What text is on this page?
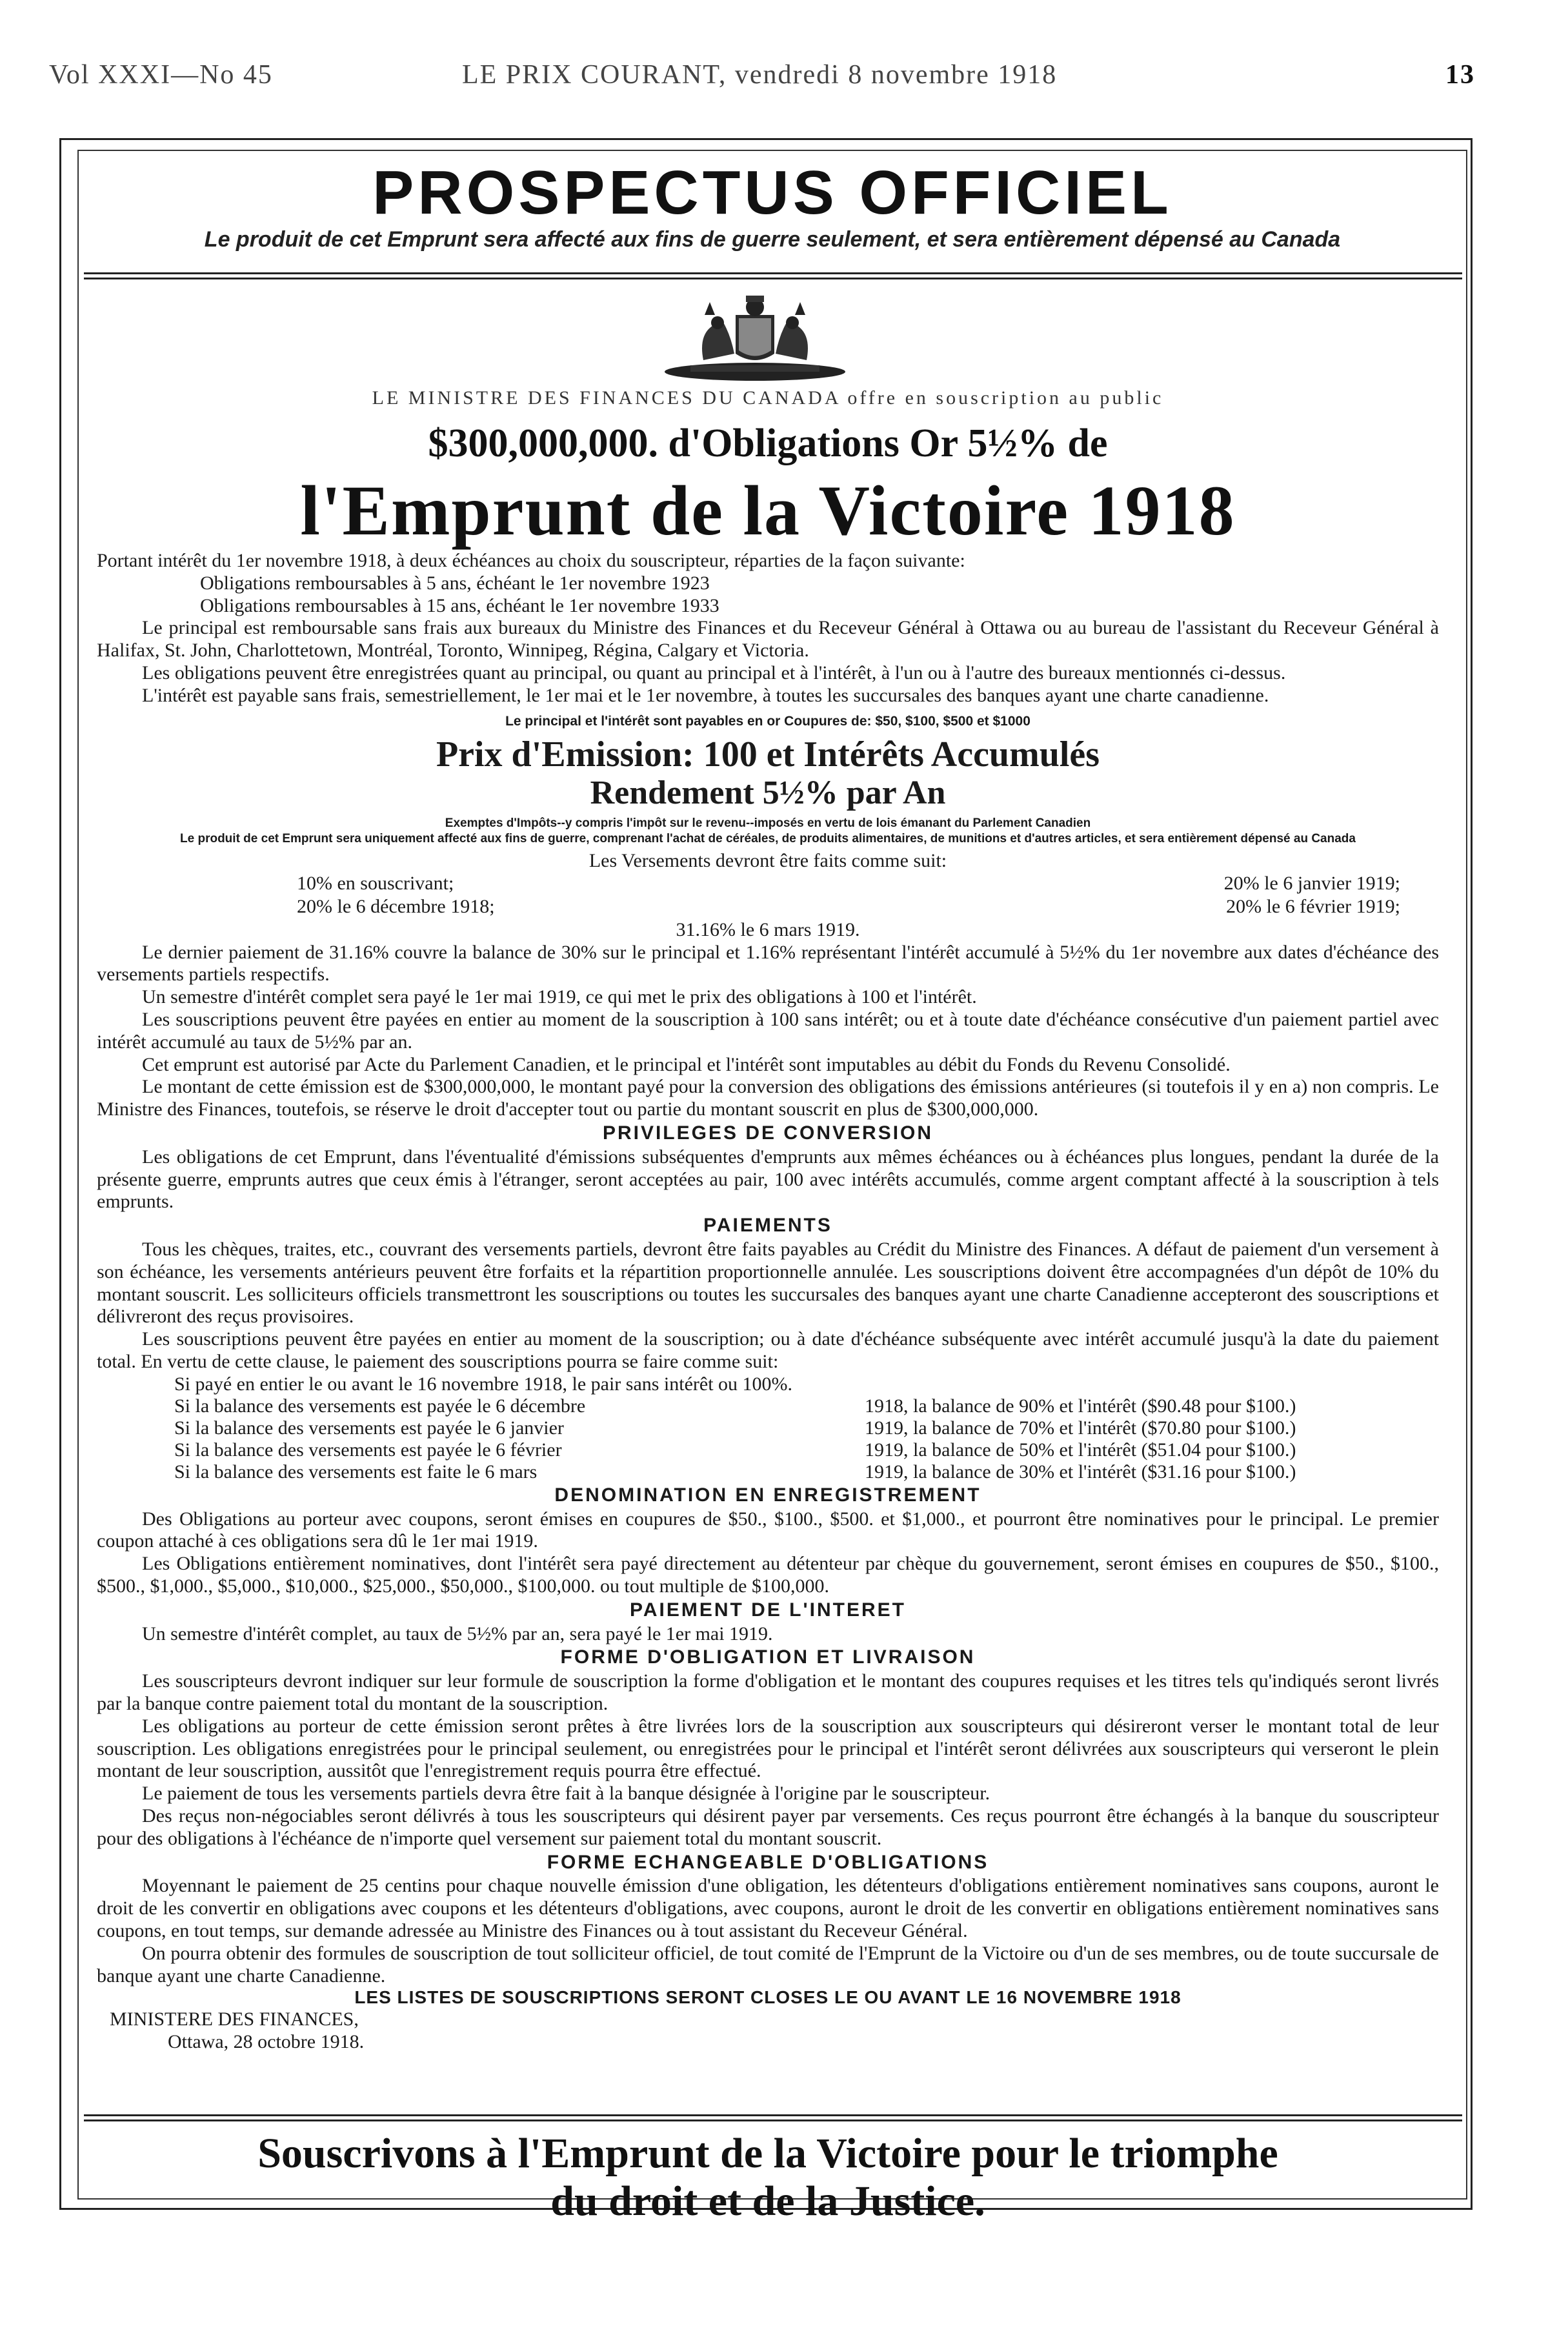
Vol XXXI—No 45	LE PRIX COURANT, vendredi 8 novembre 1918	13
PROSPECTUS OFFICIEL
Le produit de cet Emprunt sera affecté aux fins de guerre seulement, et sera entièrement dépensé au Canada
LE MINISTRE DES FINANCES DU CANADA offre en souscription au public
$300,000,000. d'Obligations Or 5½% de
l'Emprunt de la Victoire 1918

Portant intérêt du 1er novembre 1918, à deux échéances au choix du souscripteur, réparties de la façon suivante:

Obligations remboursables à 5 ans, échéant le 1er novembre 1923

Obligations remboursables à 15 ans, échéant le 1er novembre 1933

Le principal est remboursable sans frais aux bureaux du Ministre des Finances et du Receveur Général à Ottawa ou au bureau de l'assistant du Receveur Général à Halifax, St. John, Charlottetown, Montréal, Toronto, Winnipeg, Régina, Calgary et Victoria.

Les obligations peuvent être enregistrées quant au principal, ou quant au principal et à l'intérêt, à l'un ou à l'autre des bureaux mentionnés ci-dessus.

L'intérêt est payable sans frais, semestriellement, le 1er mai et le 1er novembre, à toutes les succursales des banques ayant une charte canadienne.

Le principal et l'intérêt sont payables en or Coupures de: $50, $100, $500 et $1000

Prix d'Emission: 100 et Intérêts Accumulés

Rendement 5½% par An

Exemptes d'Impôts--y compris l'impôt sur le revenu--imposés en vertu de lois émanant du Parlement Canadien

Le produit de cet Emprunt sera uniquement affecté aux fins de guerre, comprenant l'achat de céréales, de produits alimentaires, de munitions et d'autres articles, et sera entièrement dépensé au Canada

Les Versements devront être faits comme suit:

10% en souscrivant;	20% le 6 janvier 1919;
20% le 6 décembre 1918;	20% le 6 février 1919;

31.16% le 6 mars 1919.

Le dernier paiement de 31.16% couvre la balance de 30% sur le principal et 1.16% représentant l'intérêt accumulé à 5½% du 1er novembre aux dates d'échéance des versements partiels respectifs.

Un semestre d'intérêt complet sera payé le 1er mai 1919, ce qui met le prix des obligations à 100 et l'intérêt.

Les souscriptions peuvent être payées en entier au moment de la souscription à 100 sans intérêt; ou et à toute date d'échéance consécutive d'un paiement partiel avec intérêt accumulé au taux de 5½% par an.

Cet emprunt est autorisé par Acte du Parlement Canadien, et le principal et l'intérêt sont imputables au débit du Fonds du Revenu Consolidé.

Le montant de cette émission est de $300,000,000, le montant payé pour la conversion des obligations des émissions antérieures (si toutefois il y en a) non compris. Le Ministre des Finances, toutefois, se réserve le droit d'accepter tout ou partie du montant souscrit en plus de $300,000,000.

PRIVILEGES DE CONVERSION

Les obligations de cet Emprunt, dans l'éventualité d'émissions subséquentes d'emprunts aux mêmes échéances ou à échéances plus longues, pendant la durée de la présente guerre, emprunts autres que ceux émis à l'étranger, seront acceptées au pair, 100 avec intérêts accumulés, comme argent comptant affecté à la souscription à tels emprunts.

PAIEMENTS

Tous les chèques, traites, etc., couvrant des versements partiels, devront être faits payables au Crédit du Ministre des Finances. A défaut de paiement d'un versement à son échéance, les versements antérieurs peuvent être forfaits et la répartition proportionnelle annulée. Les souscriptions doivent être accompagnées d'un dépôt de 10% du montant souscrit. Les solliciteurs officiels transmettront les souscriptions ou toutes les succursales des banques ayant une charte Canadienne accepteront des souscriptions et délivreront des reçus provisoires.

Les souscriptions peuvent être payées en entier au moment de la souscription; ou à date d'échéance subséquente avec intérêt accumulé jusqu'à la date du paiement total. En vertu de cette clause, le paiement des souscriptions pourra se faire comme suit:

Si payé en entier le ou avant le 16 novembre 1918, le pair sans intérêt ou 100%.
Si la balance des versements est payée le 6 décembre	1918, la balance de 90% et l'intérêt ($90.48 pour $100.)
Si la balance des versements est payée le 6 janvier	1919, la balance de 70% et l'intérêt ($70.80 pour $100.)
Si la balance des versements est payée le 6 février	1919, la balance de 50% et l'intérêt ($51.04 pour $100.)
Si la balance des versements est faite le 6 mars	1919, la balance de 30% et l'intérêt ($31.16 pour $100.)

DENOMINATION EN ENREGISTREMENT

Des Obligations au porteur avec coupons, seront émises en coupures de $50., $100., $500. et $1,000., et pourront être nominatives pour le principal. Le premier coupon attaché à ces obligations sera dû le 1er mai 1919.

Les Obligations entièrement nominatives, dont l'intérêt sera payé directement au détenteur par chèque du gouvernement, seront émises en coupures de $50., $100., $500., $1,000., $5,000., $10,000., $25,000., $50,000., $100,000. ou tout multiple de $100,000.

PAIEMENT DE L'INTERET

Un semestre d'intérêt complet, au taux de 5½% par an, sera payé le 1er mai 1919.

FORME D'OBLIGATION ET LIVRAISON

Les souscripteurs devront indiquer sur leur formule de souscription la forme d'obligation et le montant des coupures requises et les titres tels qu'indiqués seront livrés par la banque contre paiement total du montant de la souscription.

Les obligations au porteur de cette émission seront prêtes à être livrées lors de la souscription aux souscripteurs qui désireront verser le montant total de leur souscription. Les obligations enregistrées pour le principal seulement, ou enregistrées pour le principal et l'intérêt seront délivrées aux souscripteurs qui verseront le plein montant de leur souscription, aussitôt que l'enregistrement requis pourra être effectué.

Le paiement de tous les versements partiels devra être fait à la banque désignée à l'origine par le souscripteur.

Des reçus non-négociables seront délivrés à tous les souscripteurs qui désirent payer par versements. Ces reçus pourront être échangés à la banque du souscripteur pour des obligations à l'échéance de n'importe quel versement sur paiement total du montant souscrit.

FORME ECHANGEABLE D'OBLIGATIONS

Moyennant le paiement de 25 centins pour chaque nouvelle émission d'une obligation, les détenteurs d'obligations entièrement nominatives sans coupons, auront le droit de les convertir en obligations avec coupons et les détenteurs d'obligations, avec coupons, auront le droit de les convertir en obligations entièrement nominatives sans coupons, en tout temps, sur demande adressée au Ministre des Finances ou à tout assistant du Receveur Général.

On pourra obtenir des formules de souscription de tout solliciteur officiel, de tout comité de l'Emprunt de la Victoire ou d'un de ses membres, ou de toute succursale de banque ayant une charte Canadienne.

LES LISTES DE SOUSCRIPTIONS SERONT CLOSES LE OU AVANT LE 16 NOVEMBRE 1918

MINISTERE DES FINANCES,

Ottawa, 28 octobre 1918.

Souscrivons à l'Emprunt de la Victoire pour le triomphe
du droit et de la Justice.
